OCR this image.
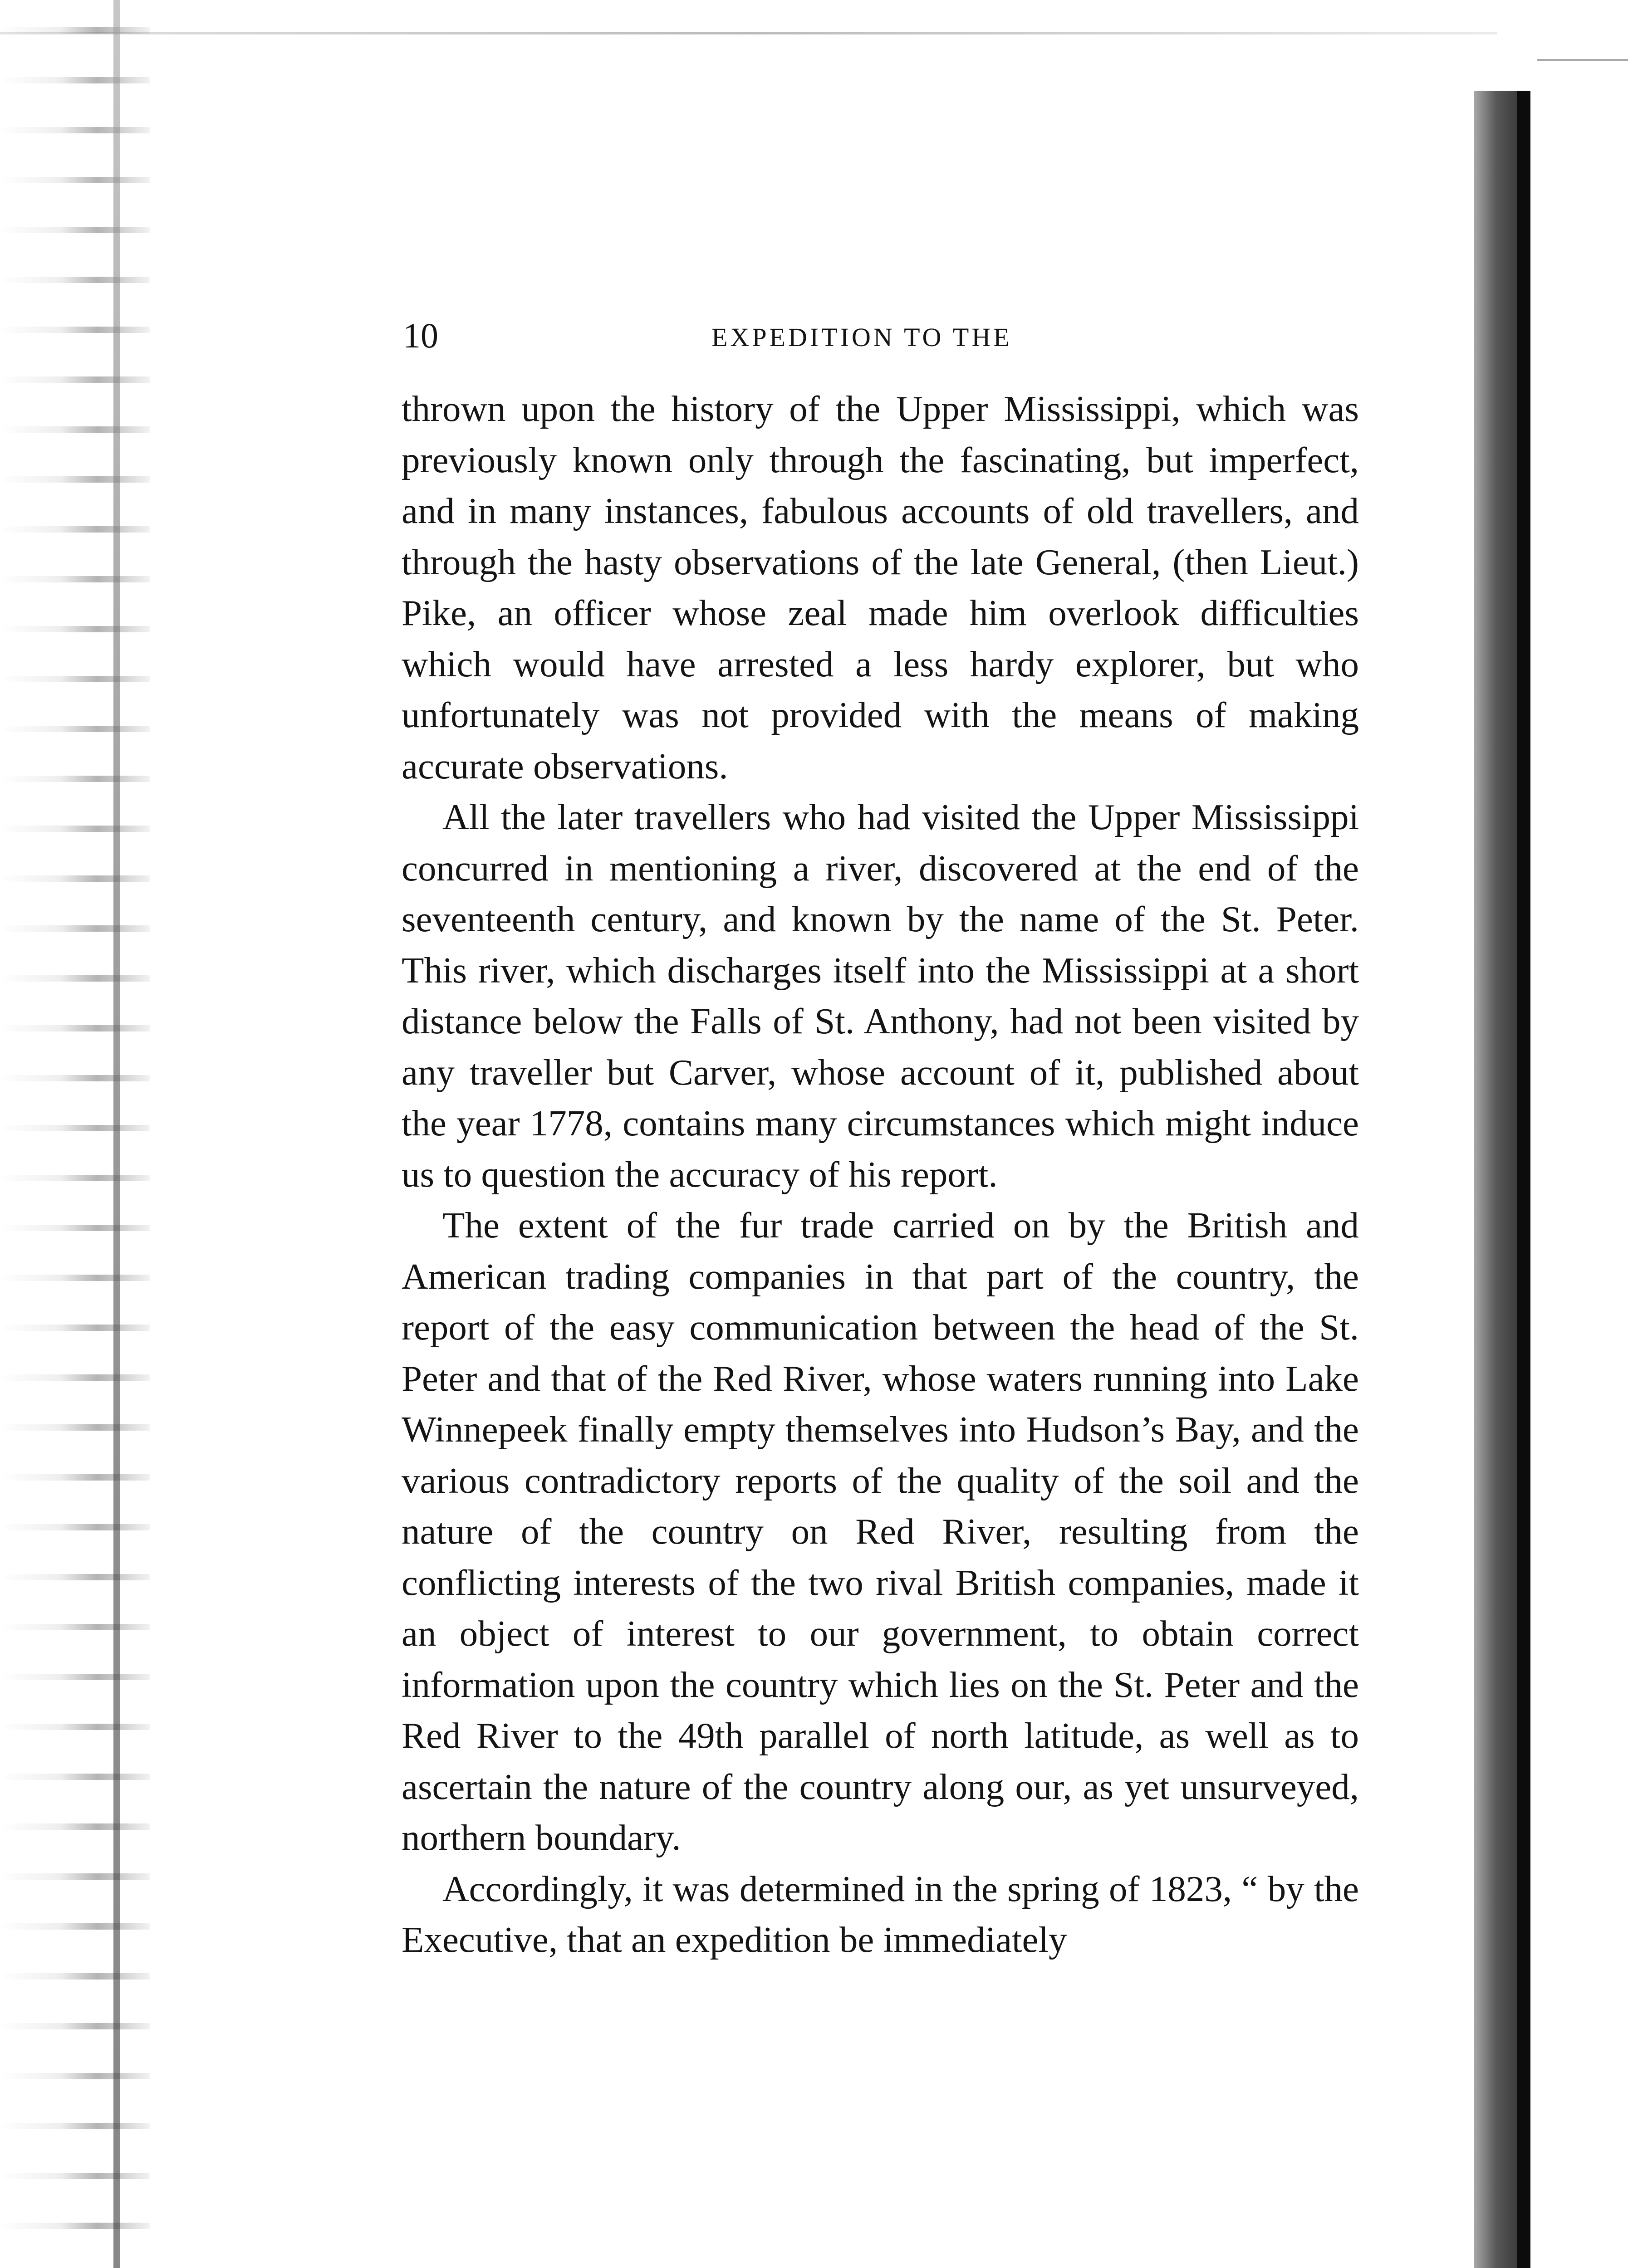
10	EXPEDITION TO THE

thrown upon the history of the Upper Mississippi, which was previously known only through the fascinating, but imperfect, and in many instances, fabulous accounts of old travellers, and through the hasty observations of the late General, (then Lieut.) Pike, an officer whose zeal made him overlook difficulties which would have arrested a less hardy explorer, but who unfortunately was not provided with the means of making accurate observations.

All the later travellers who had visited the Upper Mississippi concurred in mentioning a river, discovered at the end of the seventeenth century, and known by the name of the St. Peter. This river, which discharges itself into the Mississippi at a short distance below the Falls of St. Anthony, had not been visited by any traveller but Carver, whose account of it, published about the year 1778, contains many circumstances which might induce us to question the accuracy of his report.

The extent of the fur trade carried on by the British and American trading companies in that part of the country, the report of the easy communication between the head of the St. Peter and that of the Red River, whose waters running into Lake Winnepeek finally empty themselves into Hudson’s Bay, and the various contradictory reports of the quality of the soil and the nature of the country on Red River, resulting from the conflicting interests of the two rival British companies, made it an object of interest to our government, to obtain correct information upon the country which lies on the St. Peter and the Red River to the 49th parallel of north latitude, as well as to ascertain the nature of the country along our, as yet unsurveyed, northern boundary.

Accordingly, it was determined in the spring of 1823, “ by the Executive, that an expedition be immediately
